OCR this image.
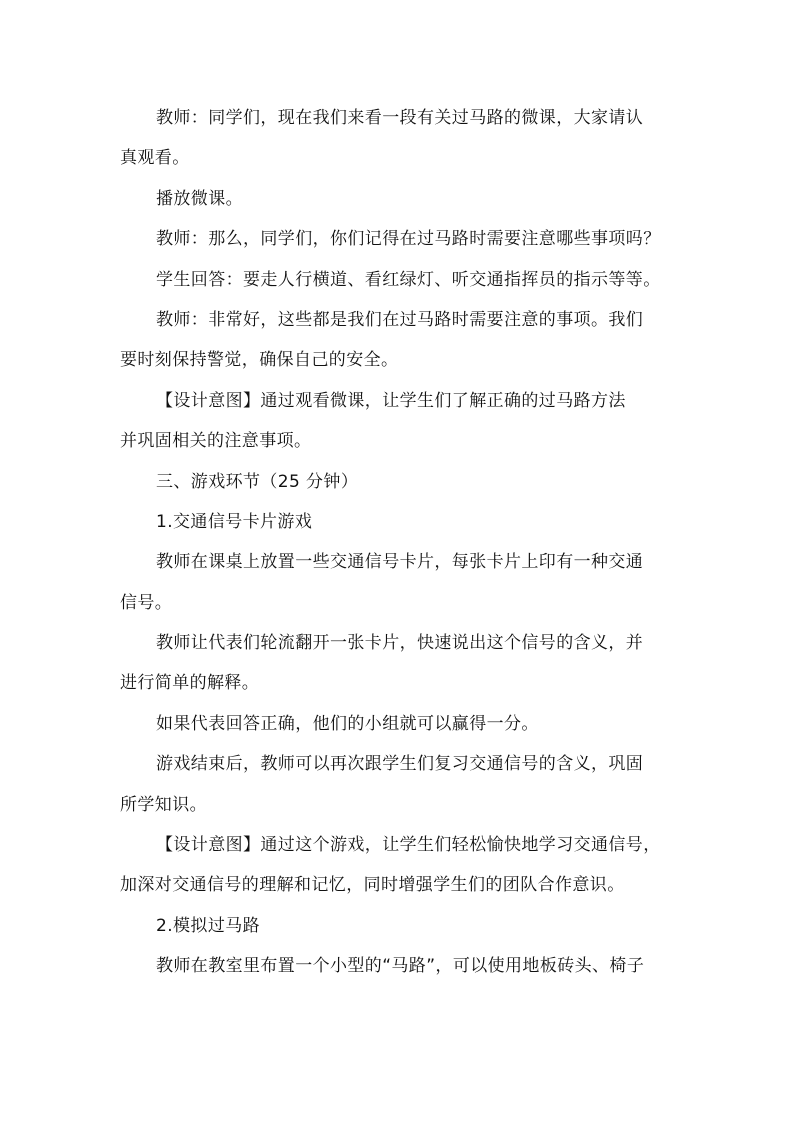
教师：同学们，现在我们来看一段有关过马路的微课，大家请认
真观看。
播放微课。
教师：那么，同学们，你们记得在过马路时需要注意哪些事项吗？
学生回答：要走人行横道、看红绿灯、听交通指挥员的指示等等。
教师：非常好，这些都是我们在过马路时需要注意的事项。我们
要时刻保持警觉，确保自己的安全。
【设计意图】通过观看微课，让学生们了解正确的过马路方法
并巩固相关的注意事项。
三、游戏环节（25 分钟）
1.交通信号卡片游戏
教师在课桌上放置一些交通信号卡片，每张卡片上印有一种交通
信号。
教师让代表们轮流翻开一张卡片，快速说出这个信号的含义，并
进行简单的解释。
如果代表回答正确，他们的小组就可以赢得一分。
游戏结束后，教师可以再次跟学生们复习交通信号的含义，巩固
所学知识。
【设计意图】通过这个游戏，让学生们轻松愉快地学习交通信号，
加深对交通信号的理解和记忆，同时增强学生们的团队合作意识。
2.模拟过马路
教师在教室里布置一个小型的“马路”，可以使用地板砖头、椅子
